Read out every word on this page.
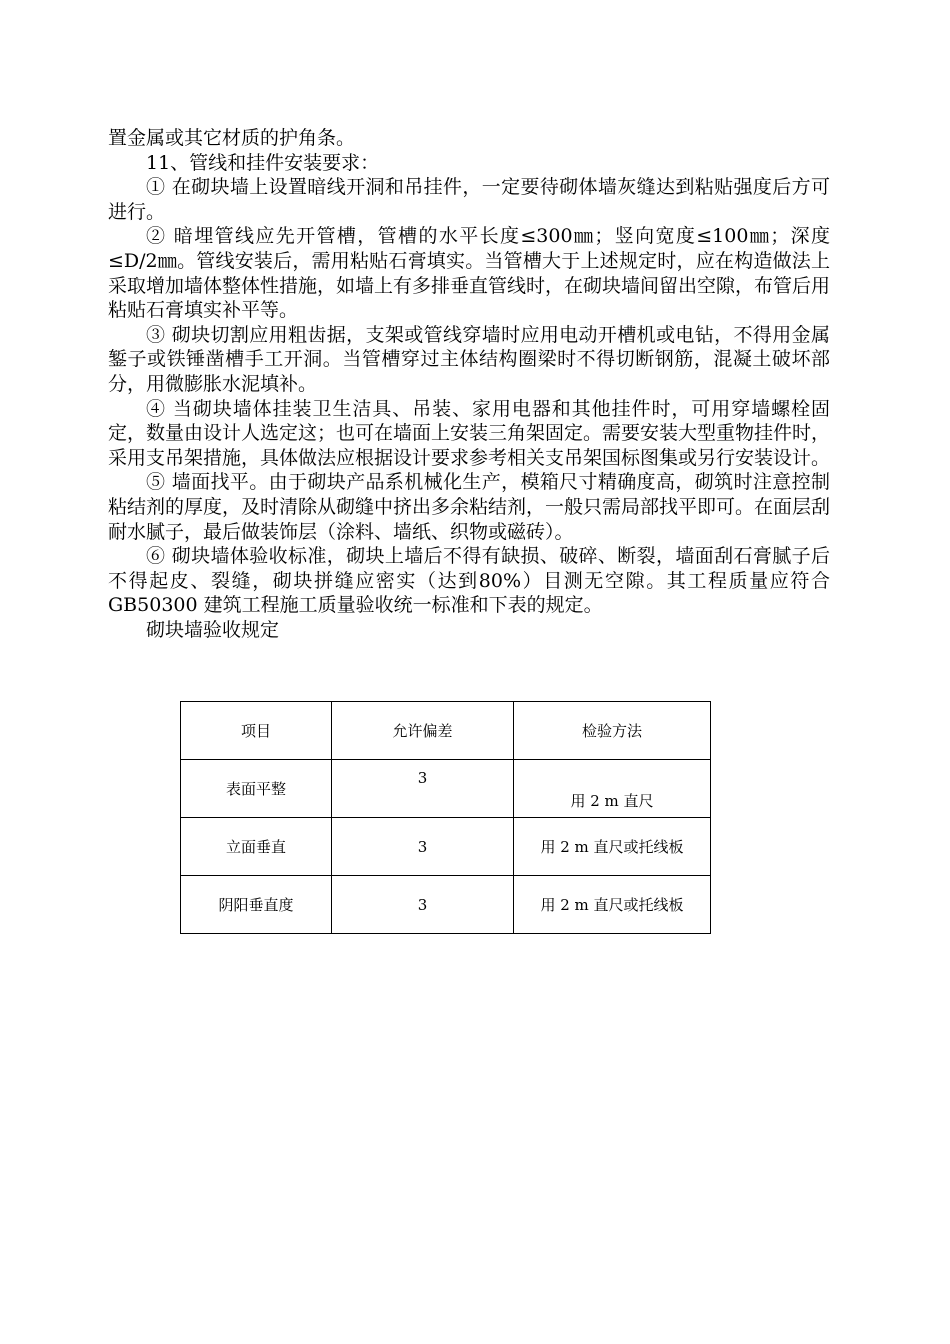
置金属或其它材质的护角条。

11、管线和挂件安装要求：

① 在砌块墙上设置暗线开洞和吊挂件，一定要待砌体墙灰缝达到粘贴强度后方可进行。

② 暗埋管线应先开管槽，管槽的水平长度≤300㎜；竖向宽度≤100㎜；深度≤D/2㎜。管线安装后，需用粘贴石膏填实。当管槽大于上述规定时，应在构造做法上采取增加墙体整体性措施，如墙上有多排垂直管线时，在砌块墙间留出空隙，布管后用粘贴石膏填实补平等。

③ 砌块切割应用粗齿据，支架或管线穿墙时应用电动开槽机或电钻，不得用金属錾子或铁锤凿槽手工开洞。当管槽穿过主体结构圈梁时不得切断钢筋，混凝土破坏部分，用微膨胀水泥填补。

④ 当砌块墙体挂装卫生洁具、吊装、家用电器和其他挂件时，可用穿墙螺栓固定，数量由设计人选定这；也可在墙面上安装三角架固定。需要安装大型重物挂件时，采用支吊架措施，具体做法应根据设计要求参考相关支吊架国标图集或另行安装设计。

⑤ 墙面找平。由于砌块产品系机械化生产，模箱尺寸精确度高，砌筑时注意控制粘结剂的厚度，及时清除从砌缝中挤出多余粘结剂，一般只需局部找平即可。在面层刮耐水腻子，最后做装饰层（涂料、墙纸、织物或磁砖）。

⑥ 砌块墙体验收标准，砌块上墙后不得有缺损、破碎、断裂，墙面刮石膏腻子后不得起皮、裂缝，砌块拼缝应密实（达到80%）目测无空隙。其工程质量应符合 GB50300 建筑工程施工质量验收统一标准和下表的规定。

砌块墙验收规定

项目	允许偏差	检验方法
表面平整	3	用 2 m 直尺

立面垂直	3	用 2 m 直尺或托线板
阴阳垂直度	3	用 2 m 直尺或托线板
